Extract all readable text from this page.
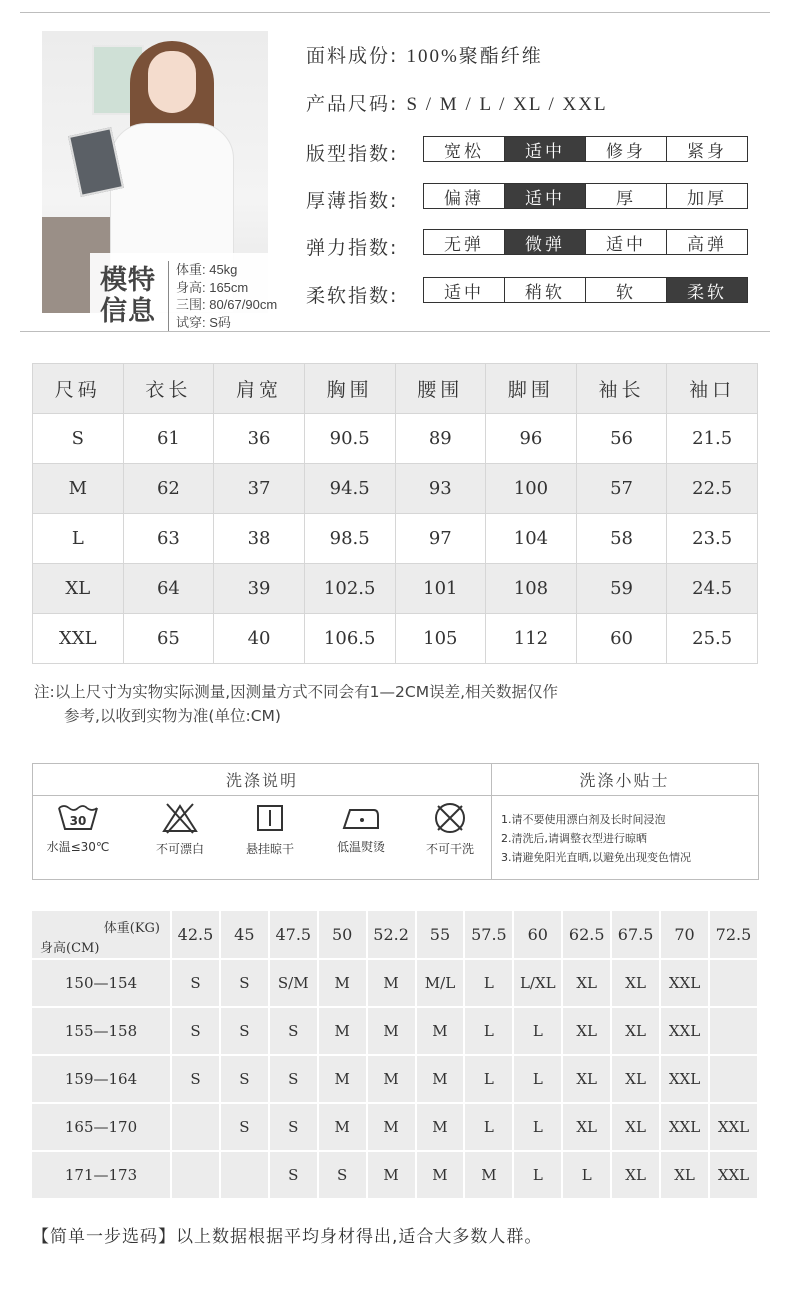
模特信息
体重: 45kg
身高: 165cm
三围: 80/67/90cm
试穿: S码
面料成份: 100%聚酯纤维
产品尺码: S / M / L / XL / XXL
版型指数:	宽松	适中	修身	紧身
厚薄指数:	偏薄	适中	厚	加厚
弹力指数:	无弹	微弹	适中	高弹
柔软指数:	适中	稍软	软	柔软
尺码	衣长	肩宽	胸围	腰围	脚围	袖长	袖口
S	61	36	90.5	89	96	56	21.5
M	62	37	94.5	93	100	57	22.5
L	63	38	98.5	97	104	58	23.5
XL	64	39	102.5	101	108	59	24.5
XXL	65	40	106.5	105	112	60	25.5
注:以上尺寸为实物实际测量,因测量方式不同会有1—2CM误差,相关数据仅作
参考,以收到实物为准(单位:CM)
洗涤说明	洗涤小贴士
30
水温≤30℃	不可漂白	悬挂晾干	低温熨烫	不可干洗
1.请不要使用漂白剂及长时间浸泡
2.清洗后,请调整衣型进行晾晒
3.请避免阳光直晒,以避免出现变色情况
体重(KG)
身高(CM)	42.5	45	47.5	50	52.2	55	57.5	60	62.5	67.5	70	72.5
150—154	S	S	S/M	M	M	M/L	L	L/XL	XL	XL	XXL	
155—158	S	S	S	M	M	M	L	L	XL	XL	XXL	
159—164	S	S	S	M	M	M	L	L	XL	XL	XXL	
165—170		S	S	M	M	M	L	L	XL	XL	XXL	XXL
171—173			S	S	M	M	M	L	L	XL	XL	XXL
【简单一步选码】以上数据根据平均身材得出,适合大多数人群。
